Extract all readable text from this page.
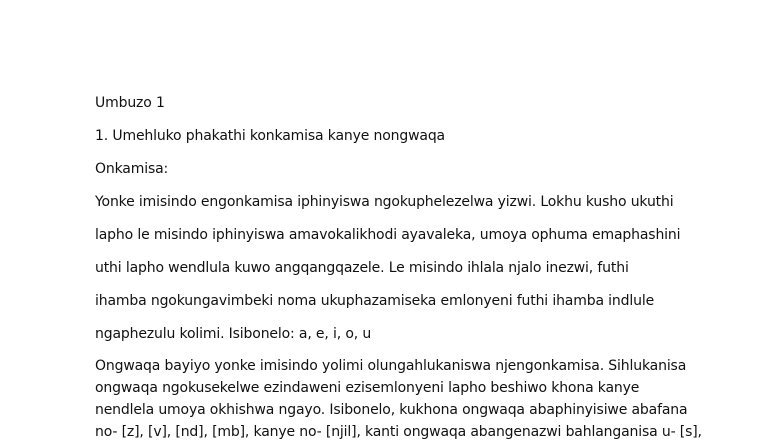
Umbuzo 1
1. Umehluko phakathi konkamisa kanye nongwaqa
Onkamisa:
Yonke imisindo engonkamisa iphinyiswa ngokuphelezelwa yizwi. Lokhu kusho ukuthi
lapho le misindo iphinyiswa amavokalikhodi ayavaleka, umoya ophuma emaphashini
uthi lapho wendlula kuwo angqangqazele. Le misindo ihlala njalo inezwi, futhi
ihamba ngokungavimbeki noma ukuphazamiseka emlonyeni futhi ihamba indlule
ngaphezulu kolimi. Isibonelo: a, e, i, o, u
Ongwaqa bayiyo yonke imisindo yolimi olungahlukaniswa njengonkamisa. Sihlukanisa
ongwaqa ngokusekelwe ezindaweni ezisemlonyeni lapho beshiwo khona kanye
nendlela umoya okhishwa ngayo. Isibonelo, kukhona ongwaqa abaphinyisiwe abafana
no- [z], [v], [nd], [mb], kanye no- [njil], kanti ongwaqa abangenazwi bahlanganisa u- [s],
